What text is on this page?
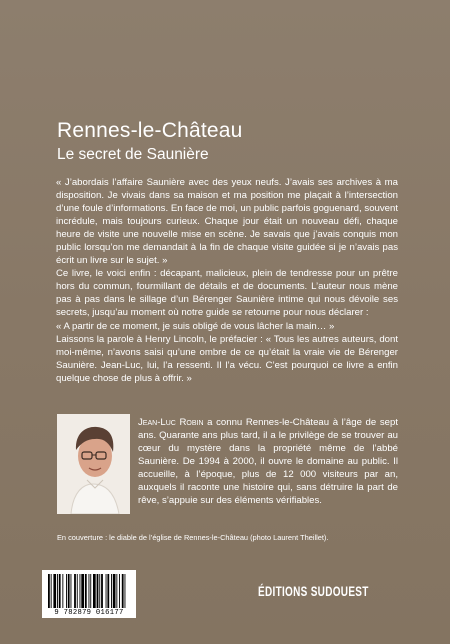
Rennes-le-Château
Le secret de Saunière

« J’abordais l’affaire Saunière avec des yeux neufs. J’avais ses archives à ma disposition. Je vivais dans sa maison et ma position me plaçait à l’intersection d’une foule d’informations. En face de moi, un public parfois goguenard, souvent incrédule, mais toujours curieux. Chaque jour était un nouveau défi, chaque heure de visite une nouvelle mise en scène. Je savais que j’avais conquis mon public lorsqu’on me demandait à la fin de chaque visite guidée si je n’avais pas écrit un livre sur le sujet. »

Ce livre, le voici enfin : décapant, malicieux, plein de tendresse pour un prêtre hors du commun, fourmillant de détails et de documents. L’auteur nous mène pas à pas dans le sillage d’un Bérenger Saunière intime qui nous dévoile ses secrets, jusqu’au moment où notre guide se retourne pour nous déclarer :

« A partir de ce moment, je suis obligé de vous lâcher la main… »

Laissons la parole à Henry Lincoln, le préfacier : « Tous les autres auteurs, dont moi-même, n’avons saisi qu’une ombre de ce qu’était la vraie vie de Bérenger Saunière. Jean-Luc, lui, l’a ressenti. Il l’a vécu. C’est pourquoi ce livre a enfin quelque chose de plus à offrir. »

Jean-Luc Robin a connu Rennes-le-Château à l’âge de sept ans. Quarante ans plus tard, il a le privilège de se trouver au cœur du mystère dans la propriété même de l’abbé Saunière. De 1994 à 2000, il ouvre le domaine au public. Il accueille, à l’époque, plus de 12 000 visiteurs par an, auxquels il raconte une histoire qui, sans détruire la part de rêve, s’appuie sur des éléments vérifiables.
En couverture : le diable de l’église de Rennes-le-Château (photo Laurent Theillet).
9 782879 016177
ÉDITIONS SUDOUEST
